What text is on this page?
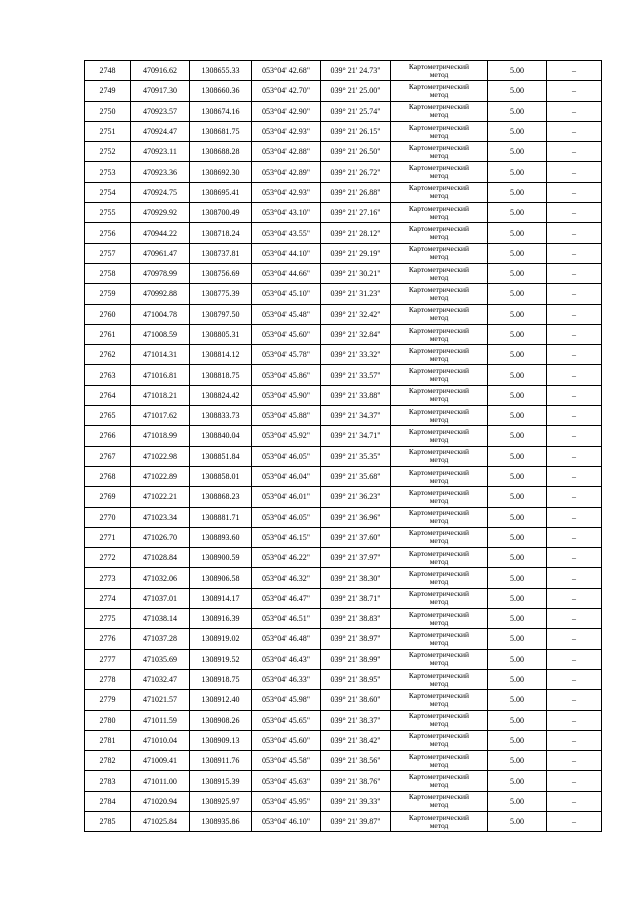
2748	470916.62	1308655.33	053°04' 42.68"	039° 21' 24.73"	Картометрический
метод	5.00	–
2749	470917.30	1308660.36	053°04' 42.70"	039° 21' 25.00"	Картометрический
метод	5.00	–
2750	470923.57	1308674.16	053°04' 42.90"	039° 21' 25.74"	Картометрический
метод	5.00	–
2751	470924.47	1308681.75	053°04' 42.93"	039° 21' 26.15"	Картометрический
метод	5.00	–
2752	470923.11	1308688.28	053°04' 42.88"	039° 21' 26.50"	Картометрический
метод	5.00	–
2753	470923.36	1308692.30	053°04' 42.89"	039° 21' 26.72"	Картометрический
метод	5.00	–
2754	470924.75	1308695.41	053°04' 42.93"	039° 21' 26.88"	Картометрический
метод	5.00	–
2755	470929.92	1308700.49	053°04' 43.10"	039° 21' 27.16"	Картометрический
метод	5.00	–
2756	470944.22	1308718.24	053°04' 43.55"	039° 21' 28.12"	Картометрический
метод	5.00	–
2757	470961.47	1308737.81	053°04' 44.10"	039° 21' 29.19"	Картометрический
метод	5.00	–
2758	470978.99	1308756.69	053°04' 44.66"	039° 21' 30.21"	Картометрический
метод	5.00	–
2759	470992.88	1308775.39	053°04' 45.10"	039° 21' 31.23"	Картометрический
метод	5.00	–
2760	471004.78	1308797.50	053°04' 45.48"	039° 21' 32.42"	Картометрический
метод	5.00	–
2761	471008.59	1308805.31	053°04' 45.60"	039° 21' 32.84"	Картометрический
метод	5.00	–
2762	471014.31	1308814.12	053°04' 45.78"	039° 21' 33.32"	Картометрический
метод	5.00	–
2763	471016.81	1308818.75	053°04' 45.86"	039° 21' 33.57"	Картометрический
метод	5.00	–
2764	471018.21	1308824.42	053°04' 45.90"	039° 21' 33.88"	Картометрический
метод	5.00	–
2765	471017.62	1308833.73	053°04' 45.88"	039° 21' 34.37"	Картометрический
метод	5.00	–
2766	471018.99	1308840.04	053°04' 45.92"	039° 21' 34.71"	Картометрический
метод	5.00	–
2767	471022.98	1308851.84	053°04' 46.05"	039° 21' 35.35"	Картометрический
метод	5.00	–
2768	471022.89	1308858.01	053°04' 46.04"	039° 21' 35.68"	Картометрический
метод	5.00	–
2769	471022.21	1308868.23	053°04' 46.01"	039° 21' 36.23"	Картометрический
метод	5.00	–
2770	471023.34	1308881.71	053°04' 46.05"	039° 21' 36.96"	Картометрический
метод	5.00	–
2771	471026.70	1308893.60	053°04' 46.15"	039° 21' 37.60"	Картометрический
метод	5.00	–
2772	471028.84	1308900.59	053°04' 46.22"	039° 21' 37.97"	Картометрический
метод	5.00	–
2773	471032.06	1308906.58	053°04' 46.32"	039° 21' 38.30"	Картометрический
метод	5.00	–
2774	471037.01	1308914.17	053°04' 46.47"	039° 21' 38.71"	Картометрический
метод	5.00	–
2775	471038.14	1308916.39	053°04' 46.51"	039° 21' 38.83"	Картометрический
метод	5.00	–
2776	471037.28	1308919.02	053°04' 46.48"	039° 21' 38.97"	Картометрический
метод	5.00	–
2777	471035.69	1308919.52	053°04' 46.43"	039° 21' 38.99"	Картометрический
метод	5.00	–
2778	471032.47	1308918.75	053°04' 46.33"	039° 21' 38.95"	Картометрический
метод	5.00	–
2779	471021.57	1308912.40	053°04' 45.98"	039° 21' 38.60"	Картометрический
метод	5.00	–
2780	471011.59	1308908.26	053°04' 45.65"	039° 21' 38.37"	Картометрический
метод	5.00	–
2781	471010.04	1308909.13	053°04' 45.60"	039° 21' 38.42"	Картометрический
метод	5.00	–
2782	471009.41	1308911.76	053°04' 45.58"	039° 21' 38.56"	Картометрический
метод	5.00	–
2783	471011.00	1308915.39	053°04' 45.63"	039° 21' 38.76"	Картометрический
метод	5.00	–
2784	471020.94	1308925.97	053°04' 45.95"	039° 21' 39.33"	Картометрический
метод	5.00	–
2785	471025.84	1308935.86	053°04' 46.10"	039° 21' 39.87"	Картометрический
метод	5.00	–
